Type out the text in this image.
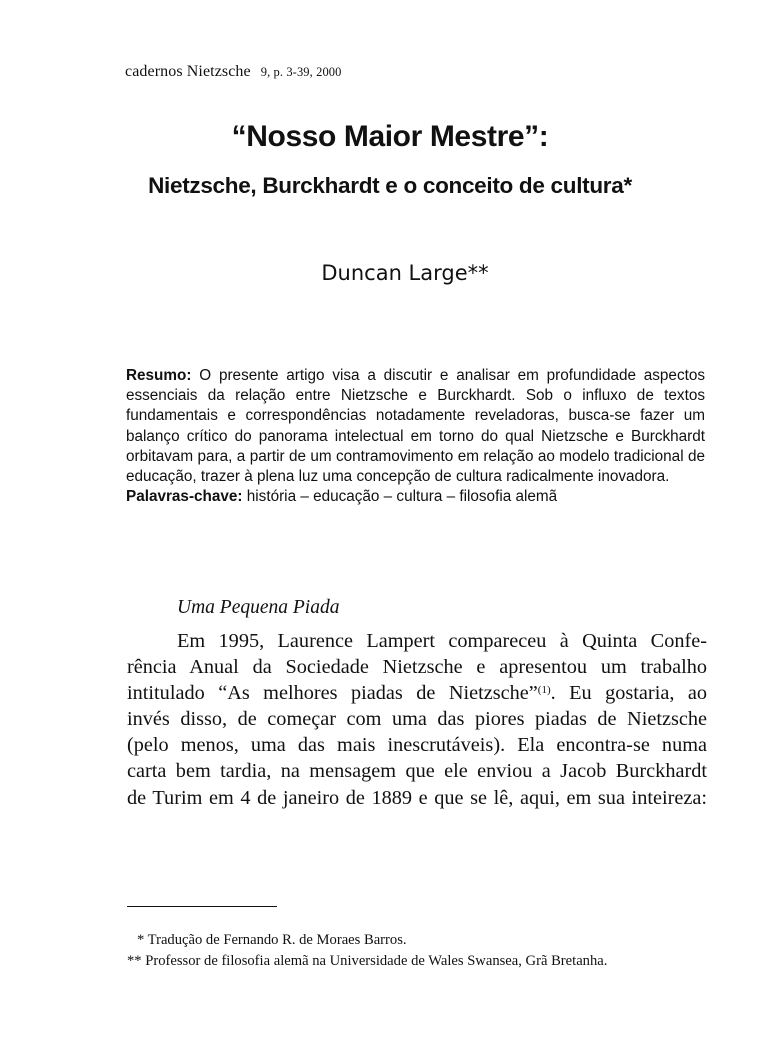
cadernos Nietzsche 9, p. 3-39, 2000
“Nosso Maior Mestre”:
Nietzsche, Burckhardt e o conceito de cultura*
Duncan Large**

Resumo: O presente artigo visa a discutir e analisar em profundidade aspectos essenciais da relação entre Nietzsche e Burckhardt. Sob o influxo de textos fundamentais e correspondências notadamente reveladoras, busca-se fazer um balanço crítico do panorama intelectual em torno do qual Nietzsche e Burckhardt orbitavam para, a partir de um contramovimento em relação ao modelo tradicional de educação, trazer à plena luz uma concepção de cultura radicalmente inovadora.

Palavras-chave: história – educação – cultura – filosofia alemã

Uma Pequena Piada
Em 1995, Laurence Lampert compareceu à Quinta Confe-
rência Anual da Sociedade Nietzsche e apresentou um trabalho
intitulado “As melhores piadas de Nietzsche”$^{(1)}$. Eu gostaria, ao
invés disso, de começar com uma das piores piadas de Nietzsche
(pelo menos, uma das mais inescrutáveis). Ela encontra-se numa
carta bem tardia, na mensagem que ele enviou a Jacob Burckhardt
de Turim em 4 de janeiro de 1889 e que se lê, aqui, em sua inteireza:
* Tradução de Fernando R. de Moraes Barros.
** Professor de filosofia alemã na Universidade de Wales Swansea, Grã Bretanha.
